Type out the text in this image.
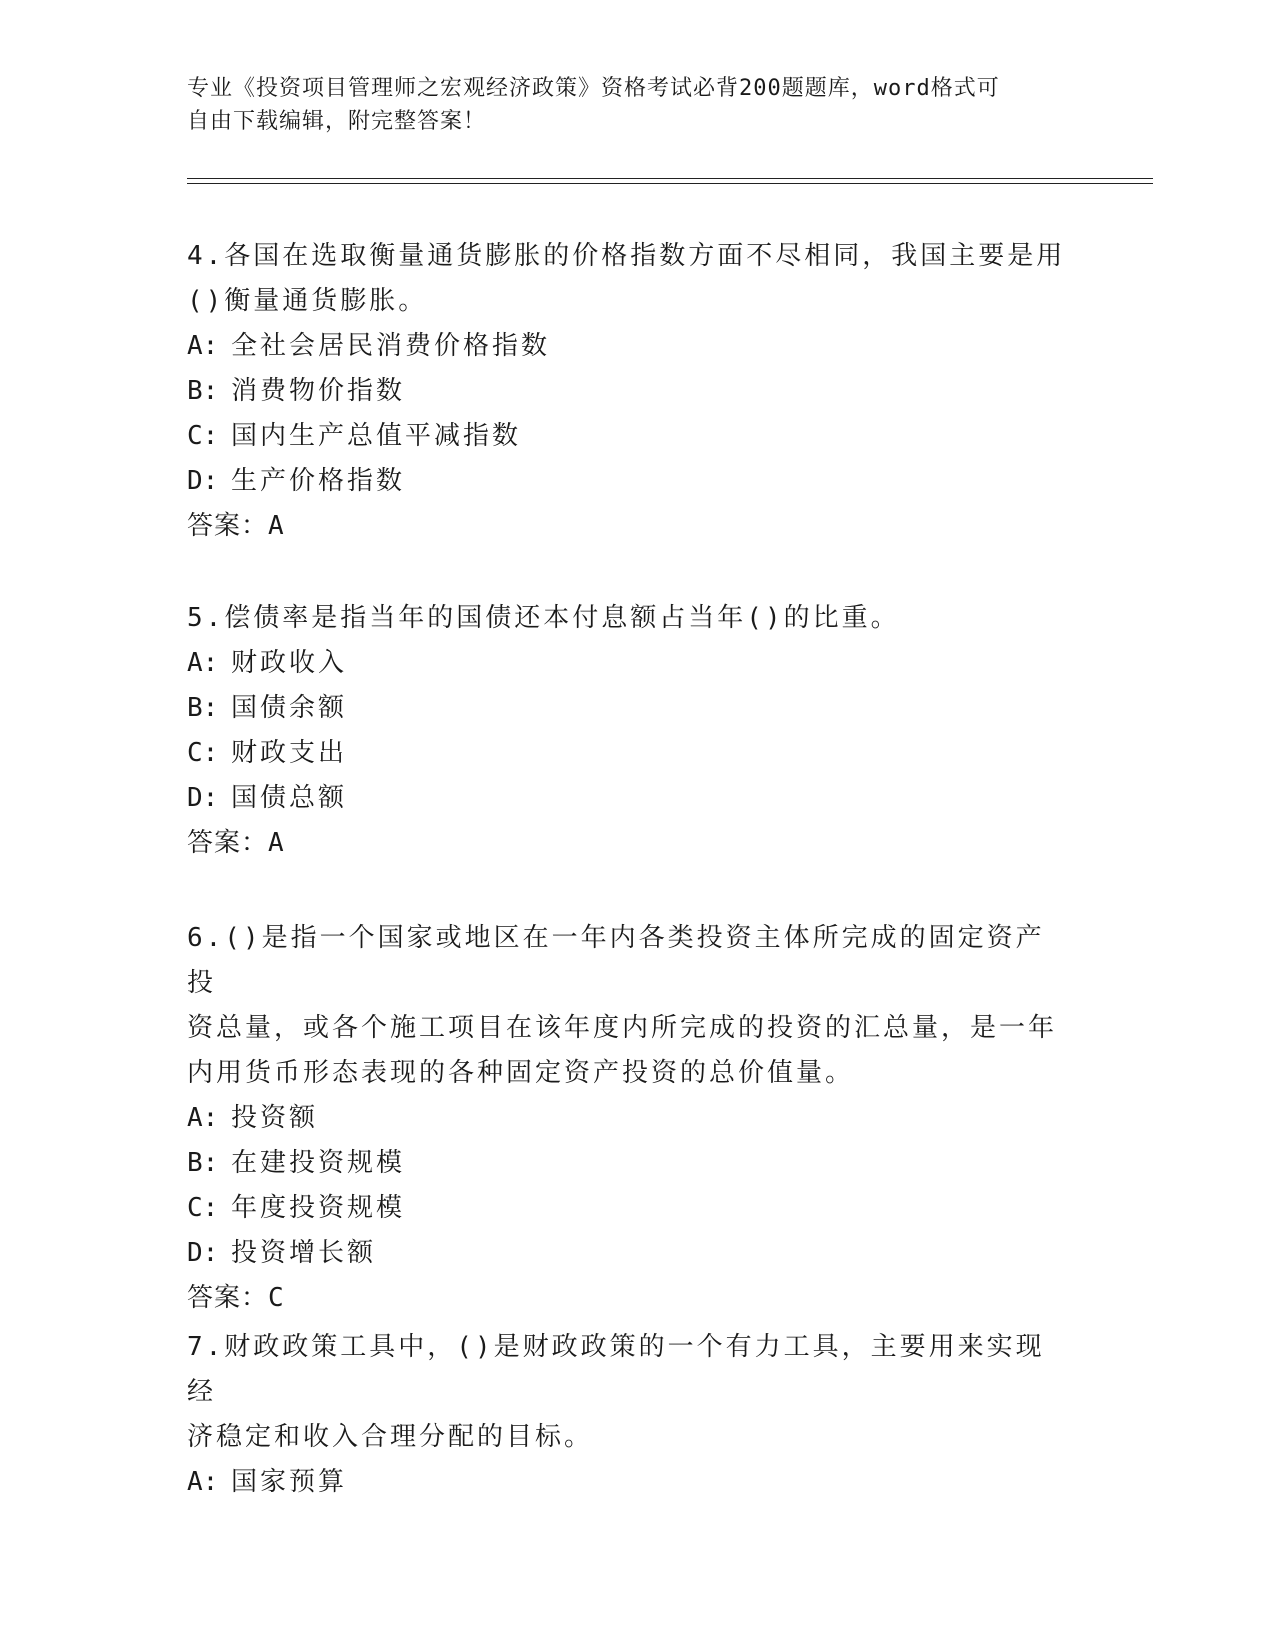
专业《投资项目管理师之宏观经济政策》资格考试必背200题题库，word格式可
自由下载编辑，附完整答案！

4.各国在选取衡量通货膨胀的价格指数方面不尽相同，我国主要是用

()衡量通货膨胀。

A: 全社会居民消费价格指数

B: 消费物价指数

C: 国内生产总值平减指数

D: 生产价格指数

答案：A

5.偿债率是指当年的国债还本付息额占当年()的比重。

A: 财政收入

B: 国债余额

C: 财政支出

D: 国债总额

答案：A

6.()是指一个国家或地区在一年内各类投资主体所完成的固定资产投

资总量，或各个施工项目在该年度内所完成的投资的汇总量，是一年

内用货币形态表现的各种固定资产投资的总价值量。

A: 投资额

B: 在建投资规模

C: 年度投资规模

D: 投资增长额

答案：C

7.财政政策工具中，()是财政政策的一个有力工具，主要用来实现经

济稳定和收入合理分配的目标。

A: 国家预算
